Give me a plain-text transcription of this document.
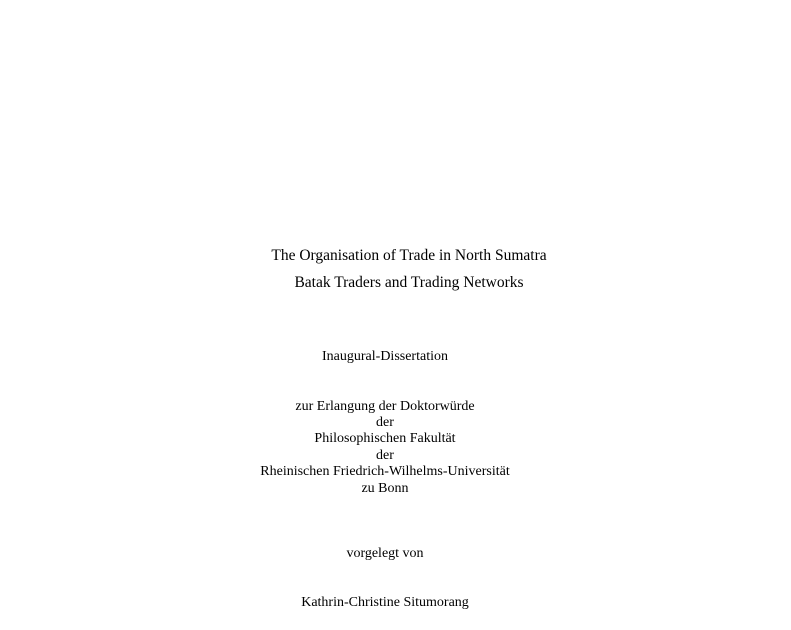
The Organisation of Trade in North Sumatra
Batak Traders and Trading Networks
Inaugural-Dissertation
zur Erlangung der Doktorwürde
der
Philosophischen Fakultät
der
Rheinischen Friedrich-Wilhelms-Universität
zu Bonn
vorgelegt von
Kathrin-Christine Situmorang
